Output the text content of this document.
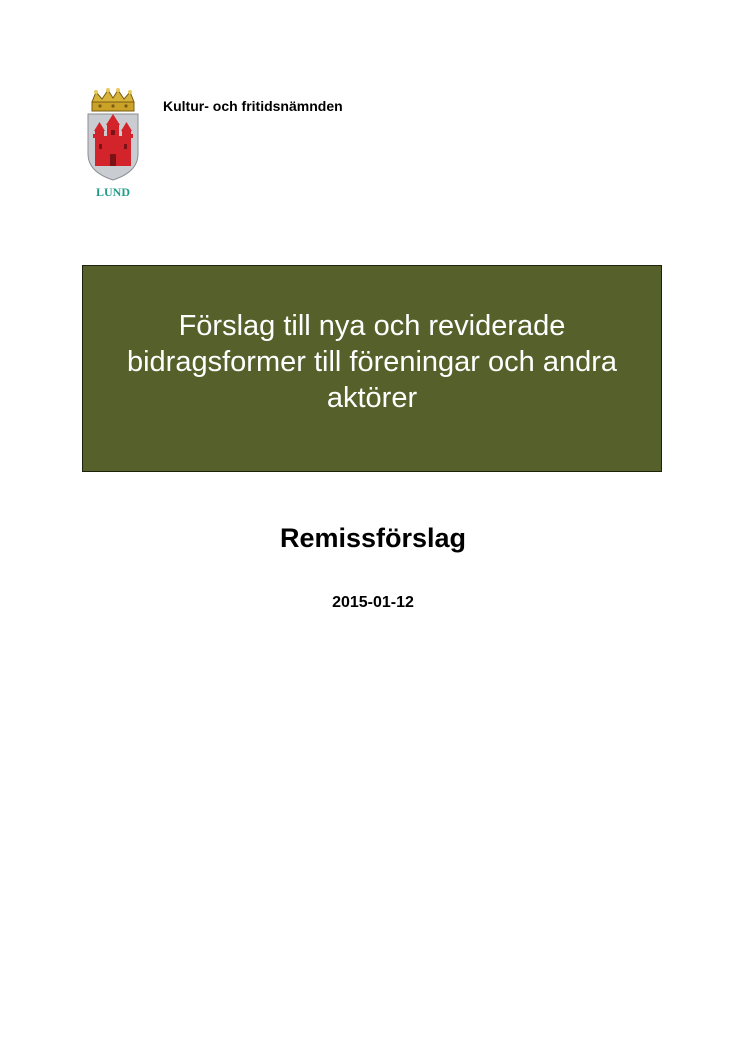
LUND
Kultur- och fritidsnämnden
Förslag till nya och reviderade bidragsformer till föreningar och andra aktörer
Remissförslag
2015-01-12
